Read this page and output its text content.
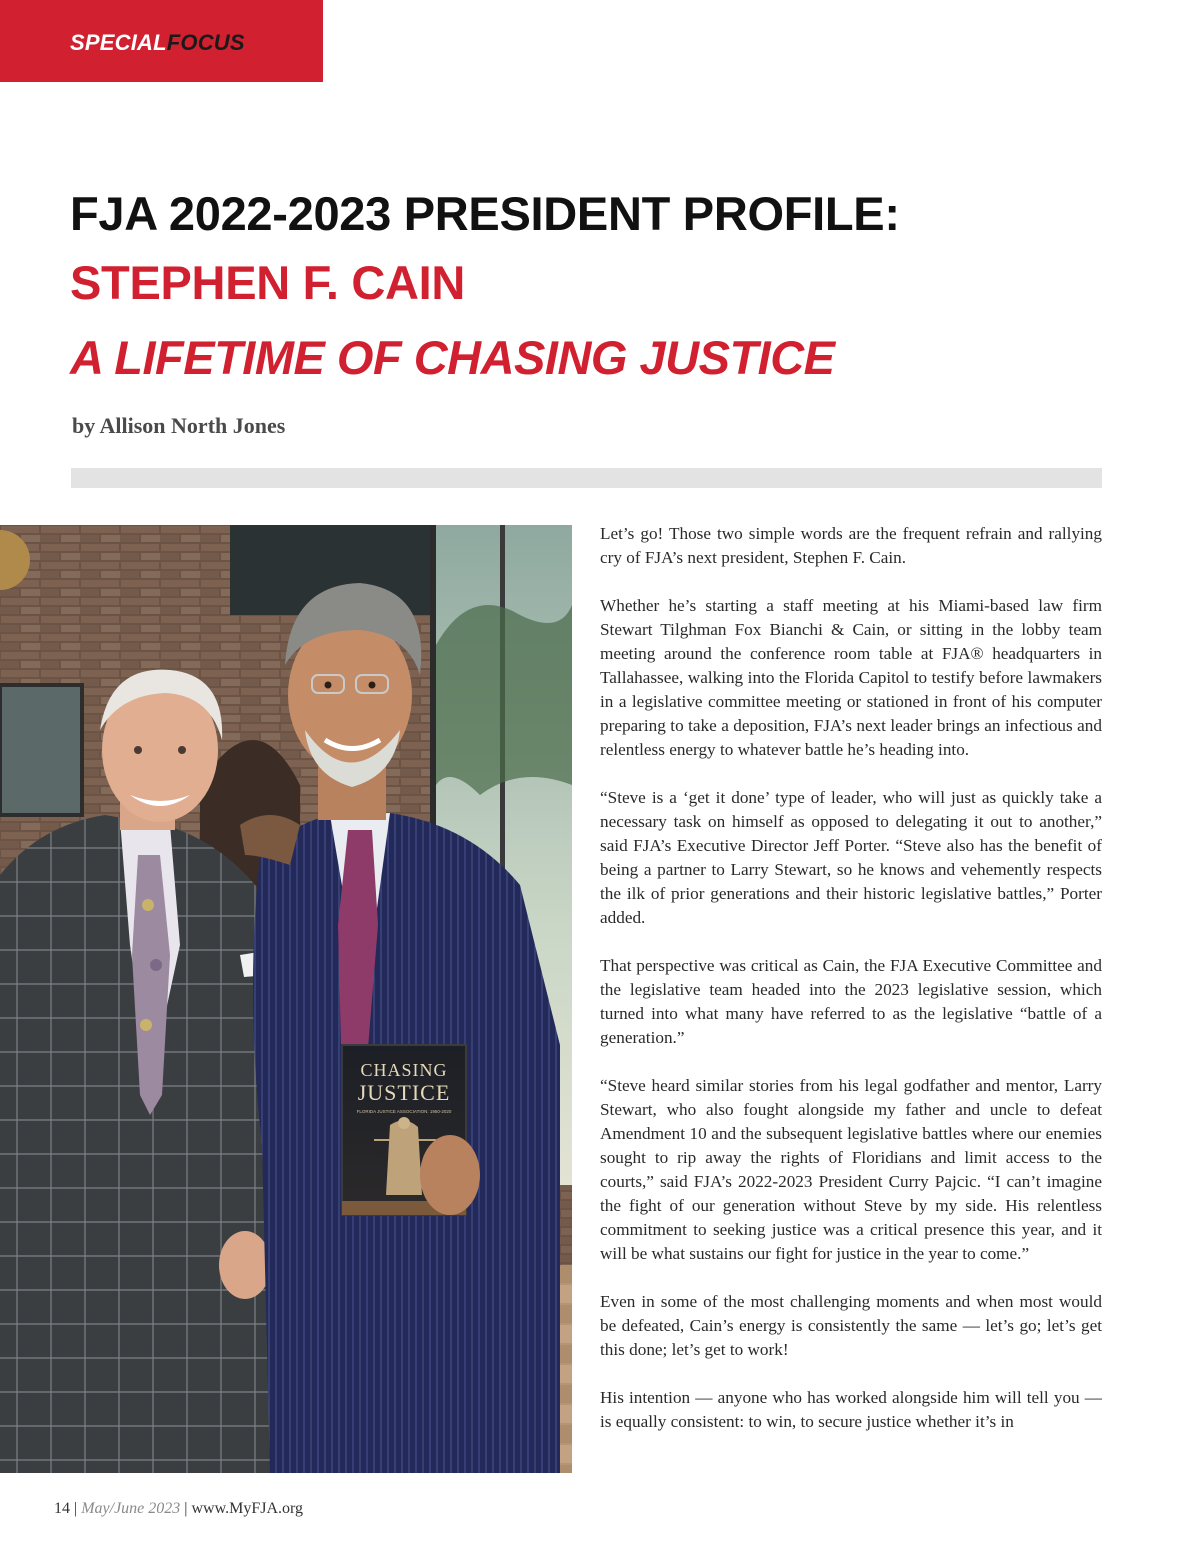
SPECIALFOCUS
FJA 2022-2023 PRESIDENT PROFILE:
STEPHEN F. CAIN
A LIFETIME OF CHASING JUSTICE
by Allison North Jones
CHASING
JUSTICE
FLORIDA JUSTICE ASSOCIATION: 1950-2020

Let’s go! Those two simple words are the frequent refrain and rallying cry of FJA’s next president, Stephen F. Cain.

Whether he’s starting a staff meeting at his Miami-based law firm Stewart Tilghman Fox Bianchi & Cain, or sitting in the lobby team meeting around the conference room table at FJA® headquarters in Tallahassee, walking into the Florida Capitol to testify before lawmakers in a legislative committee meeting or stationed in front of his computer preparing to take a deposition, FJA’s next leader brings an infectious and relentless energy to whatever battle he’s heading into.

“Steve is a ‘get it done’ type of leader, who will just as quickly take a necessary task on himself as opposed to delegating it out to another,” said FJA’s Executive Director Jeff Porter. “Steve also has the benefit of being a partner to Larry Stewart, so he knows and vehemently respects the ilk of prior generations and their historic legislative battles,” Porter added.

That perspective was critical as Cain, the FJA Executive Committee and the legislative team headed into the 2023 legislative session, which turned into what many have referred to as the legislative “battle of a generation.”

“Steve heard similar stories from his legal godfather and mentor, Larry Stewart, who also fought alongside my father and uncle to defeat Amendment 10 and the subsequent legislative battles where our enemies sought to rip away the rights of Floridians and limit access to the courts,” said FJA’s 2022-2023 President Curry Pajcic. “I can’t imagine the fight of our generation without Steve by my side. His relentless commitment to seeking justice was a critical presence this year, and it will be what sustains our fight for justice in the year to come.”

Even in some of the most challenging moments and when most would be defeated, Cain’s energy is consistently the same — let’s go; let’s get this done; let’s get to work!

His intention — anyone who has worked alongside him will tell you — is equally consistent: to win, to secure justice whether it’s in

14 | May/June 2023 | www.MyFJA.org
